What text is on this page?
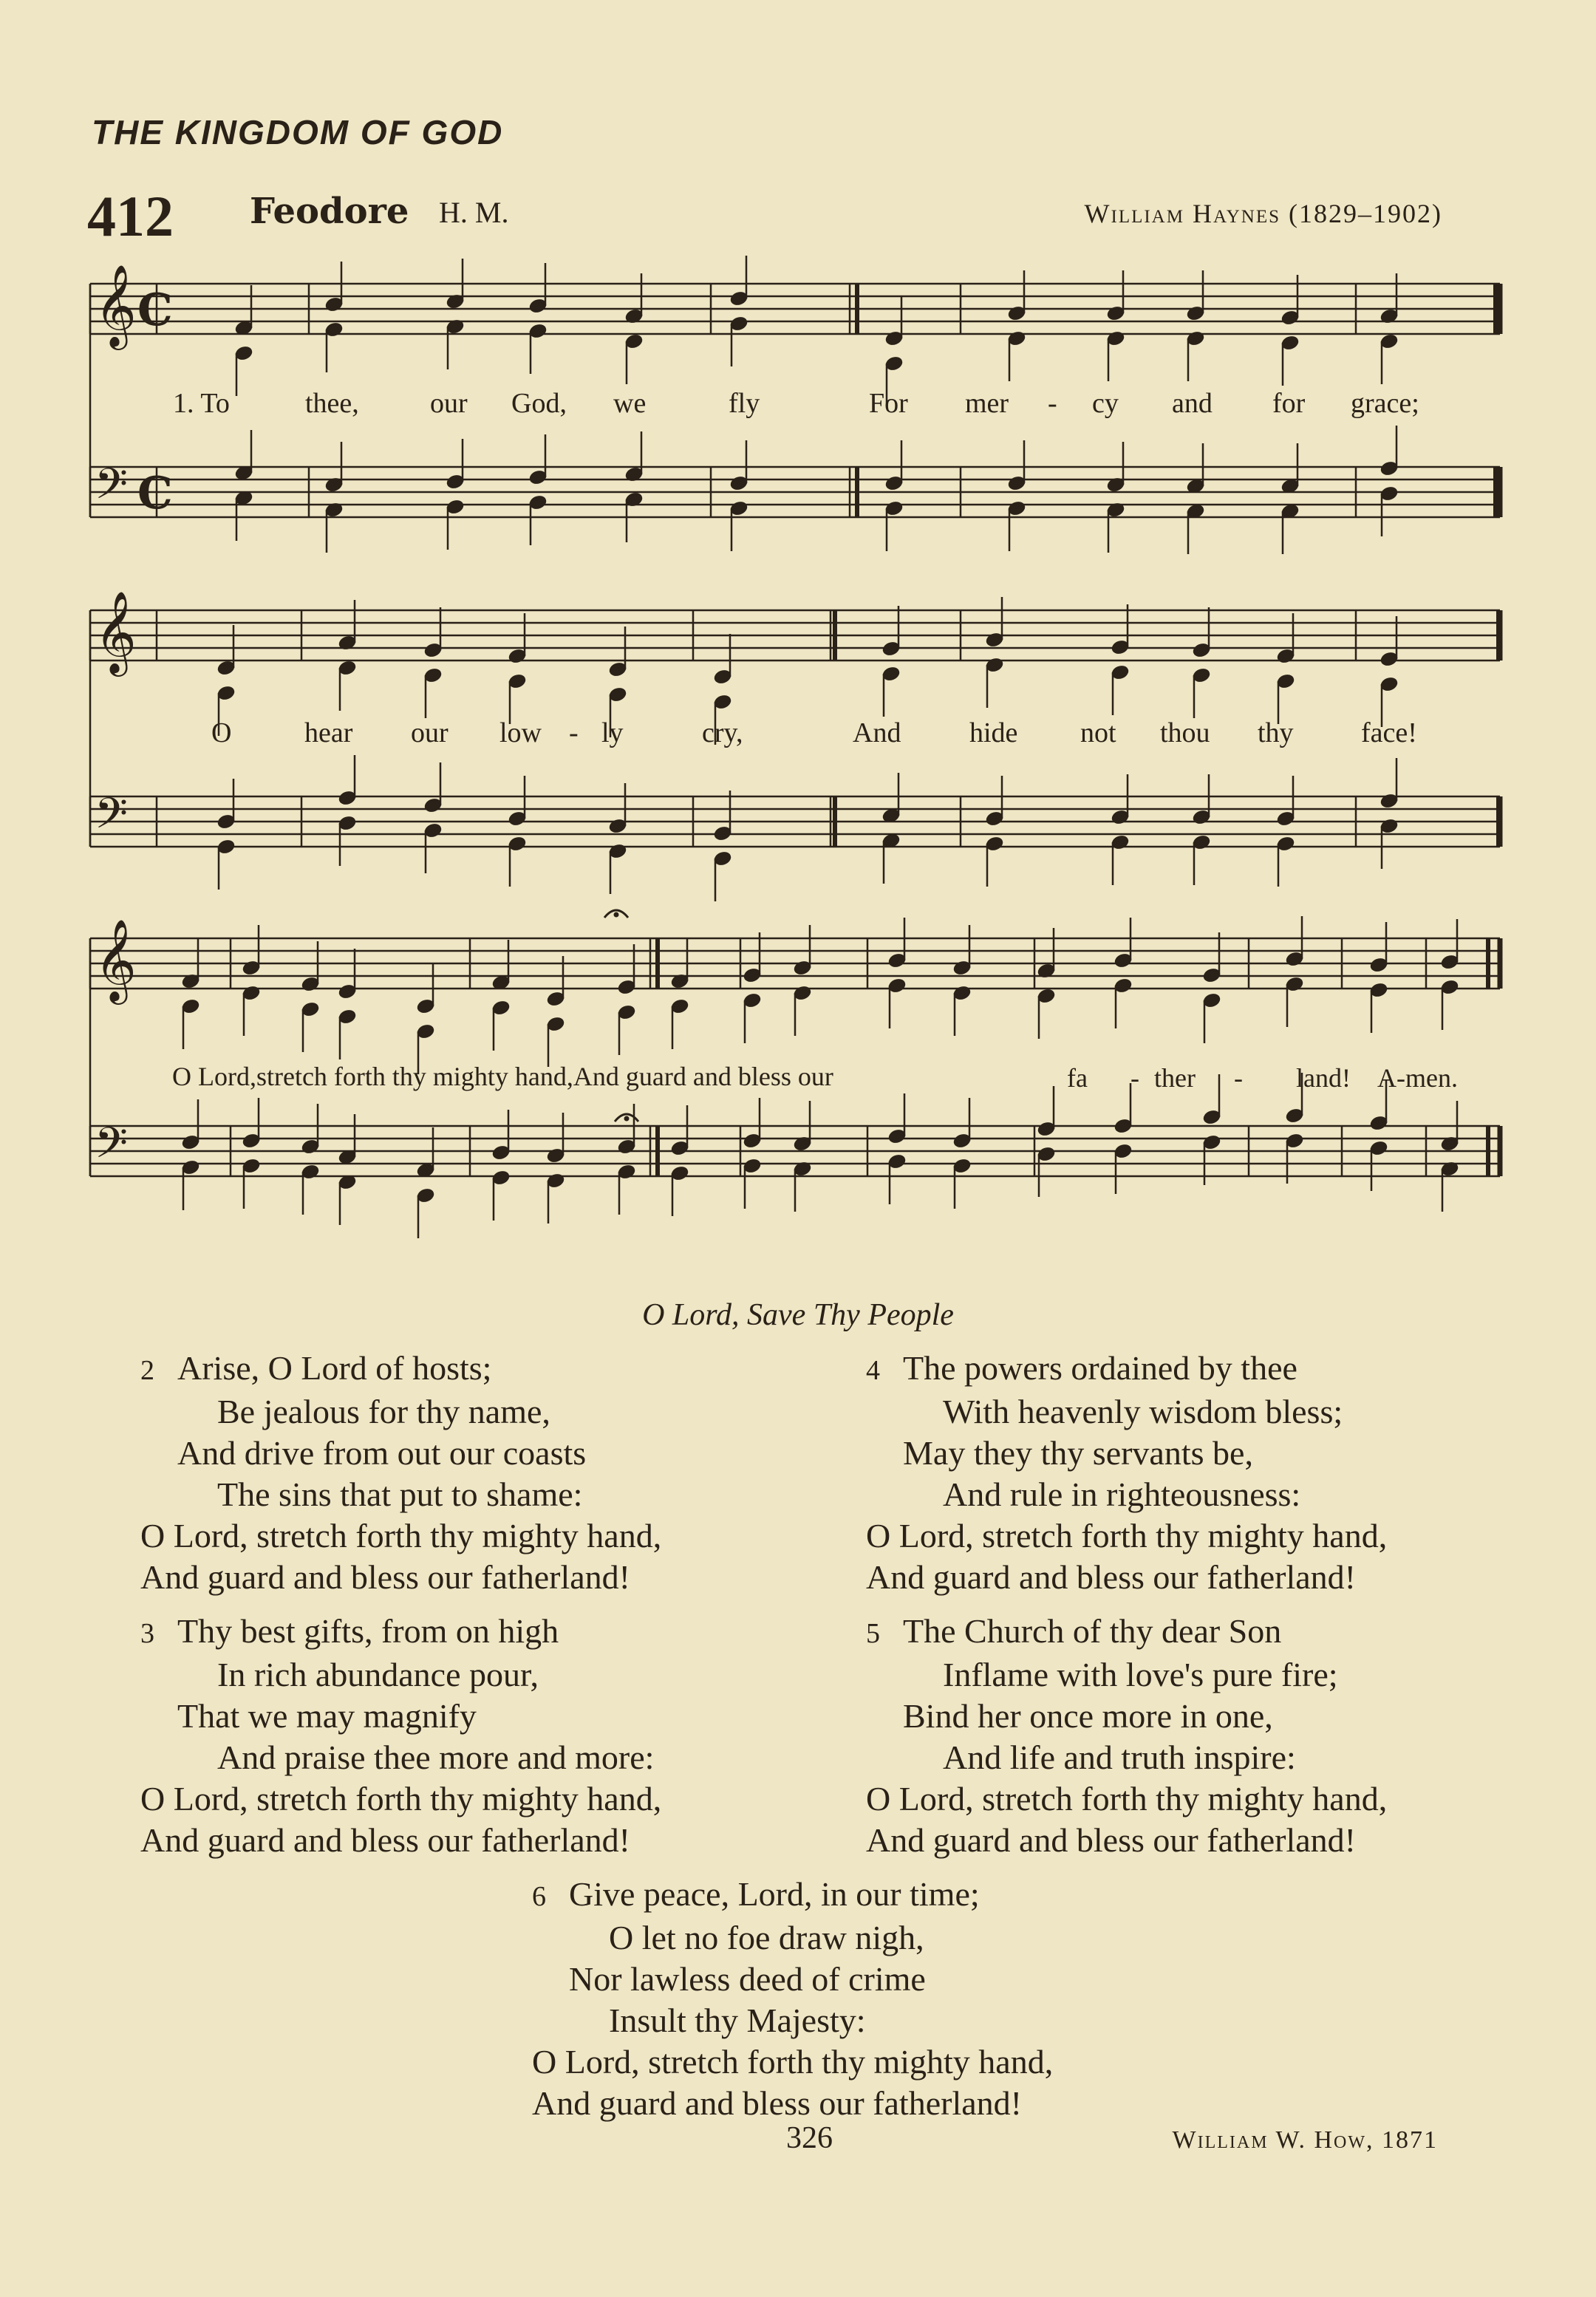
THE KINGDOM OF GOD
412 Feodore H. M.	William Haynes (1829–1902)
𝄞 C
𝄢 C
𝄞
𝄢
𝄞
𝄢
1. To	thee,	our God, we	fly	For mer - cy and for grace;
O	hear our low - ly	cry,	And hide not thou thy face!
O Lord,stretch forth thy mighty hand,And guard and bless our	fa - ther - land! A-men.
O Lord, Save Thy People
2 Arise, O Lord of hosts;
Be jealous for thy name,
And drive from out our coasts
The sins that put to shame:
O Lord, stretch forth thy mighty hand,
And guard and bless our fatherland!
3 Thy best gifts, from on high
In rich abundance pour,
That we may magnify
And praise thee more and more:
O Lord, stretch forth thy mighty hand,
And guard and bless our fatherland!
4 The powers ordained by thee
With heavenly wisdom bless;
May they thy servants be,
And rule in righteousness:
O Lord, stretch forth thy mighty hand,
And guard and bless our fatherland!
5 The Church of thy dear Son
Inflame with love's pure fire;
Bind her once more in one,
And life and truth inspire:
O Lord, stretch forth thy mighty hand,
And guard and bless our fatherland!
6 Give peace, Lord, in our time;
O let no foe draw nigh,
Nor lawless deed of crime
Insult thy Majesty:
O Lord, stretch forth thy mighty hand,
And guard and bless our fatherland!
326	William W. How, 1871
